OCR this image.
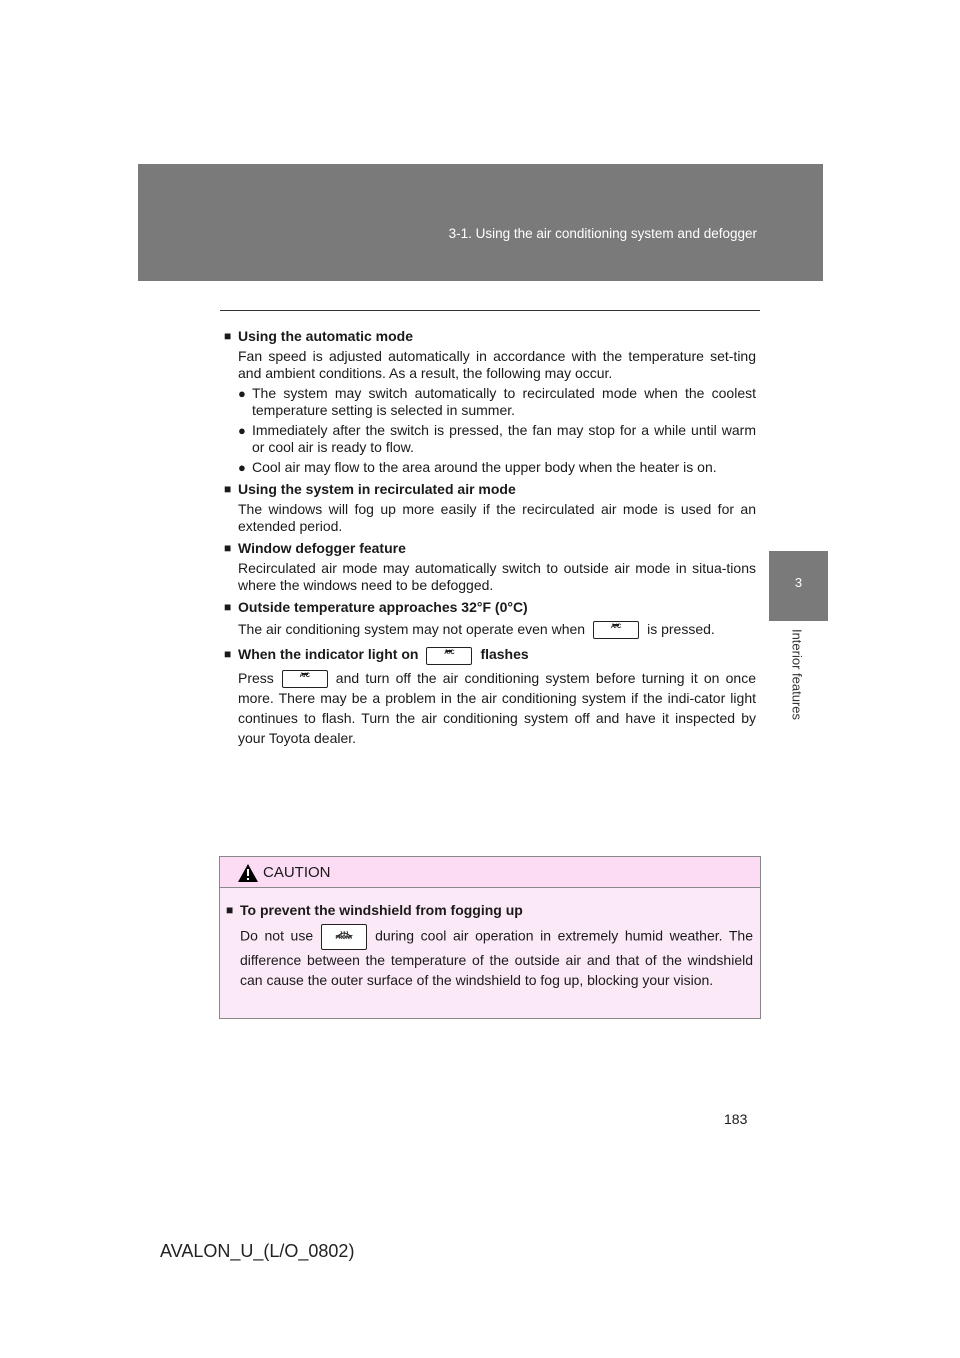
3-1. Using the air conditioning system and defogger
3
Interior features

■ Using the automatic mode

Fan speed is adjusted automatically in accordance with the temperature set-ting and ambient conditions. As a result, the following may occur.

● The system may switch automatically to recirculated mode when the coolest temperature setting is selected in summer.
● Immediately after the switch is pressed, the fan may stop for a while until warm or cool air is ready to flow.
● Cool air may flow to the area around the upper body when the heater is on.

■ Using the system in recirculated air mode

The windows will fog up more easily if the recirculated air mode is used for an extended period.

■ Window defogger feature

Recirculated air mode may automatically switch to outside air mode in situa-tions where the windows need to be defogged.

■ Outside temperature approaches 32°F (0°C)

The air conditioning system may not operate even when	A/C	is pressed.

■ When the indicator light on	A/C	flashes

Press	A/C	and turn off the air conditioning system before turning it on once more. There may be a problem in the air conditioning system if the indi-cator light continues to flash. Turn the air conditioning system off and have it inspected by your Toyota dealer.

CAUTION

■ To prevent the windshield from fogging up

Do not use	FRONT	during cool air operation in extremely humid weather. The difference between the temperature of the outside air and that of the windshield can cause the outer surface of the windshield to fog up, blocking your vision.

183
AVALON_U_(L/O_0802)
